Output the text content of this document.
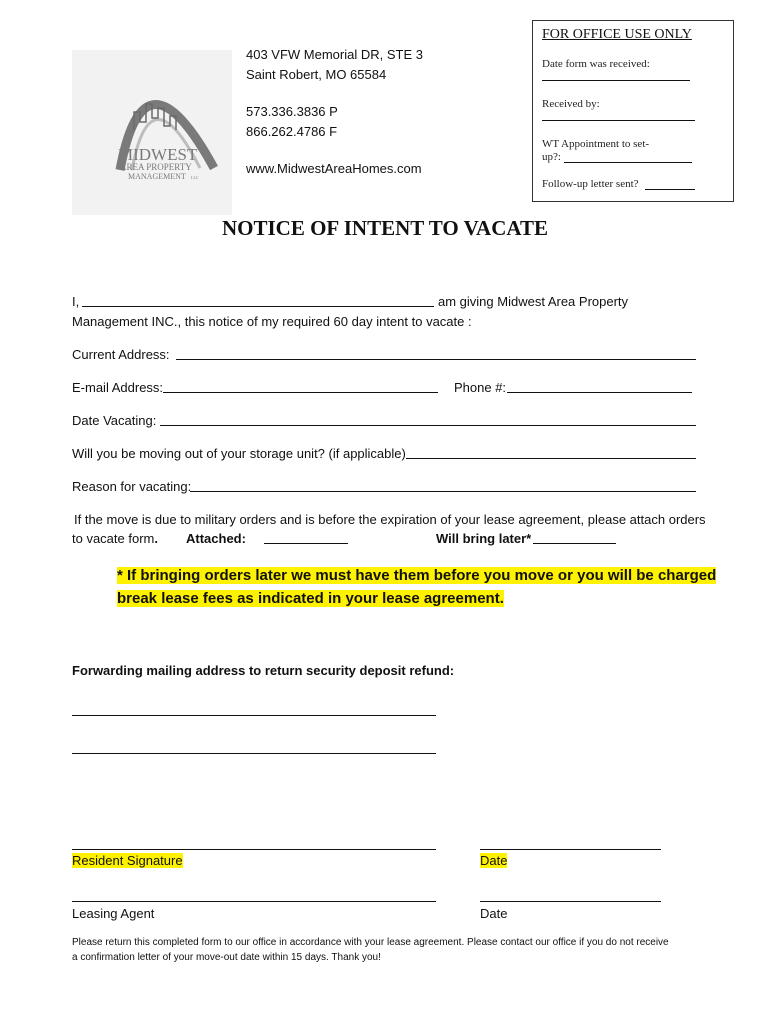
MIDWEST
AREA PROPERTY
MANAGEMENT LLC
403 VFW Memorial DR, STE 3
Saint Robert, MO 65584
573.336.3836 P
866.262.4786 F
www.MidwestAreaHomes.com
FOR OFFICE USE ONLY
Date form was received:
Received by:
WT Appointment to set-
up?:
Follow-up letter sent?
NOTICE OF INTENT TO VACATE
I,	am giving Midwest Area Property
Management INC., this notice of my required 60 day intent to vacate :
Current Address:
E-mail Address:	Phone #:
Date Vacating:
Will you be moving out of your storage unit? (if applicable)
Reason for vacating:
If the move is due to military orders and is before the expiration of your lease agreement, please attach orders
to vacate form. Attached:	Will bring later*
* If bringing orders later we must have them before you move or you will be charged
break lease fees as indicated in your lease agreement.
Forwarding mailing address to return security deposit refund:
Resident Signature	Date
Leasing Agent	Date
Please return this completed form to our office in accordance with your lease agreement. Please contact our office if you do not receive
a confirmation letter of your move-out date within 15 days. Thank you!
